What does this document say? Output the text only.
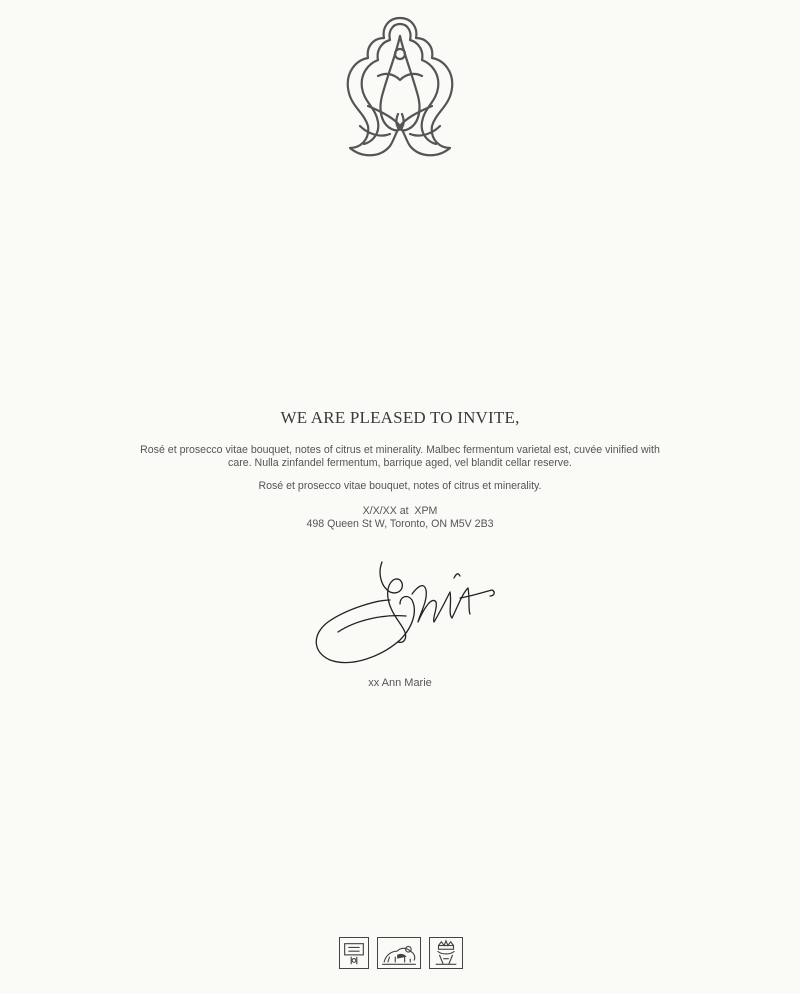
WE ARE PLEASED TO INVITE,

Rosé et prosecco vitae bouquet, notes of citrus et minerality. Malbec fermentum varietal est, cuvée vinified with care. Nulla zinfandel fermentum, barrique aged, vel blandit cellar reserve.

Rosé et prosecco vitae bouquet, notes of citrus et minerality.

X/X/XX at  XPM
498 Queen St W, Toronto, ON M5V 2B3
xx Ann Marie
